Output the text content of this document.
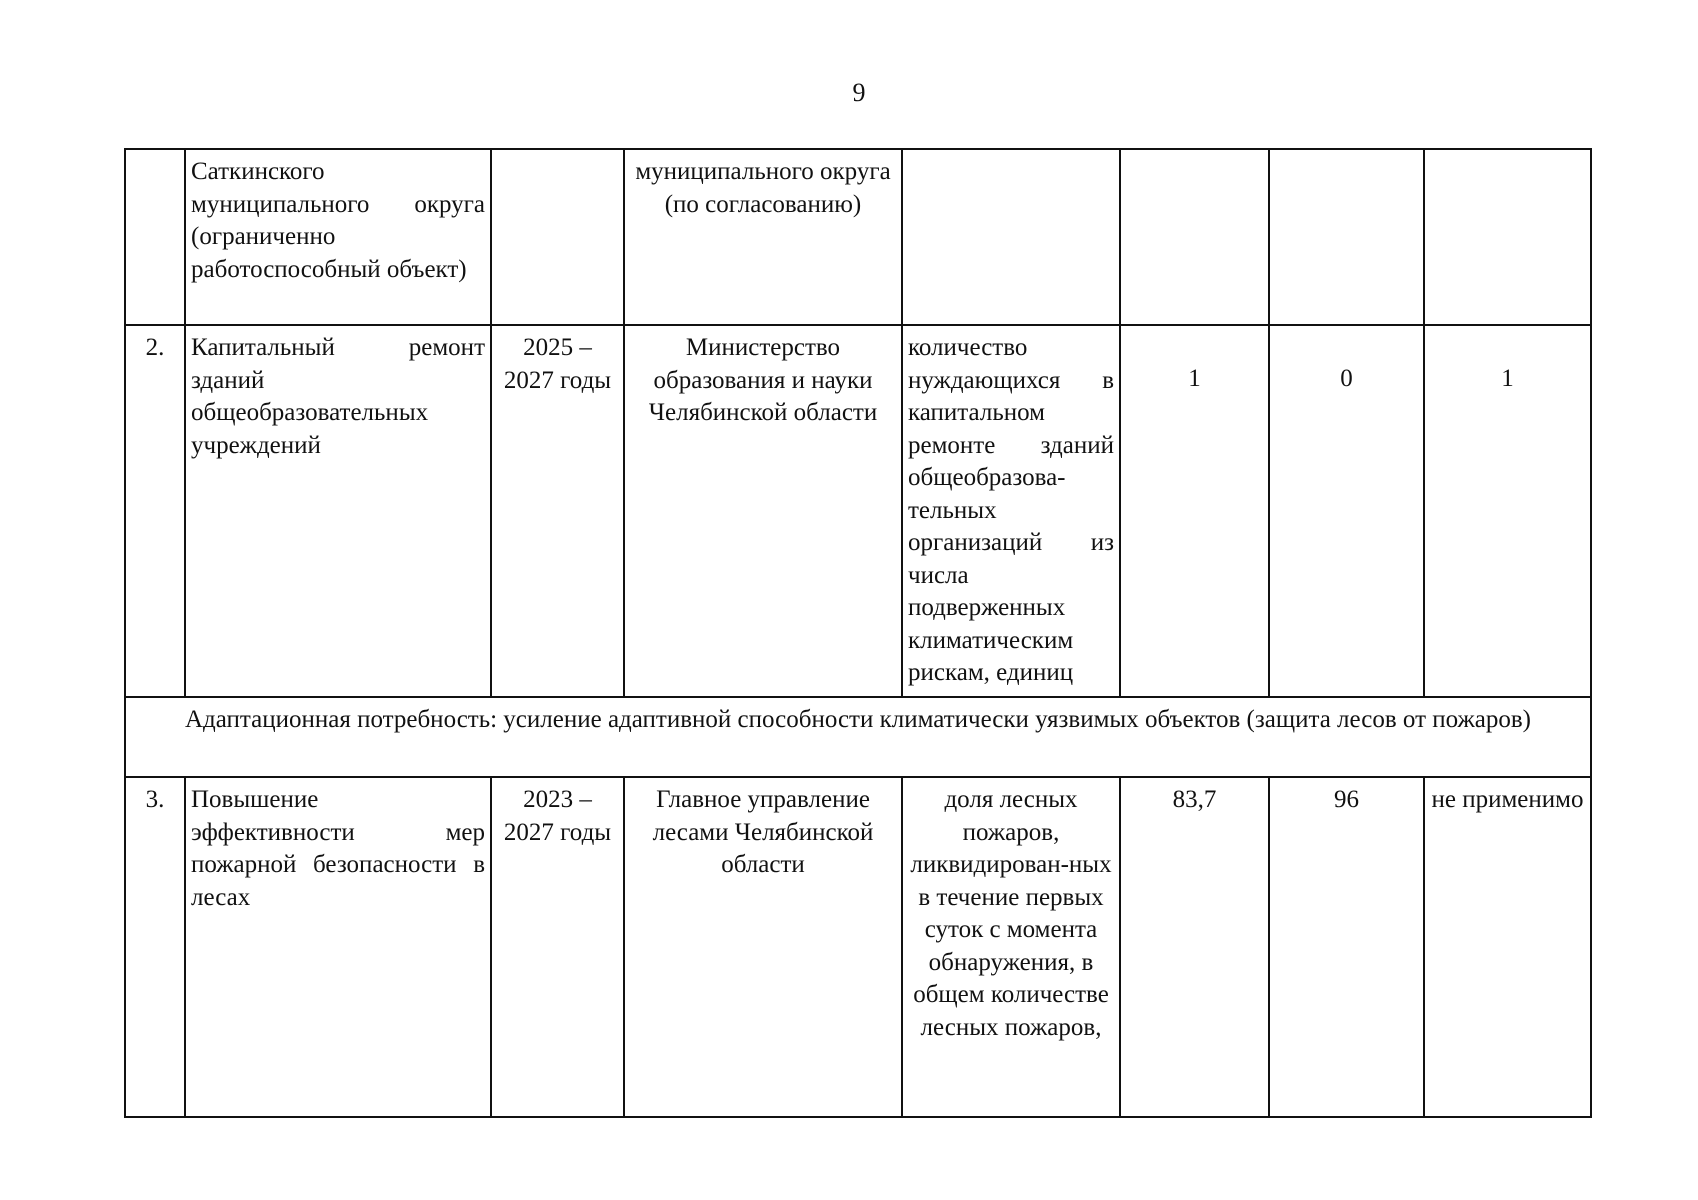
9
	Саткинского муниципального округа (ограниченно работоспособный объект)		муниципального округа (по согласованию)				
2.	Капитальный ремонт зданий общеобразовательных учреждений	2025 – 2027 годы	Министерство образования и науки Челябинской области	количество нуждающихся в капитальном ремонте зданий общеобразова-тельных организаций из числа подверженных климатическим рискам, единиц	1	0	1
Адаптационная потребность: усиление адаптивной способности климатически уязвимых объектов (защита лесов от пожаров)							
3.	Повышение эффективности мер пожарной безопасности в лесах	2023 – 2027 годы	Главное управление лесами Челябинской области	доля лесных пожаров, ликвидирован-ных в течение первых суток с момента обнаружения, в общем количестве лесных пожаров,	83,7	96	не применимо
